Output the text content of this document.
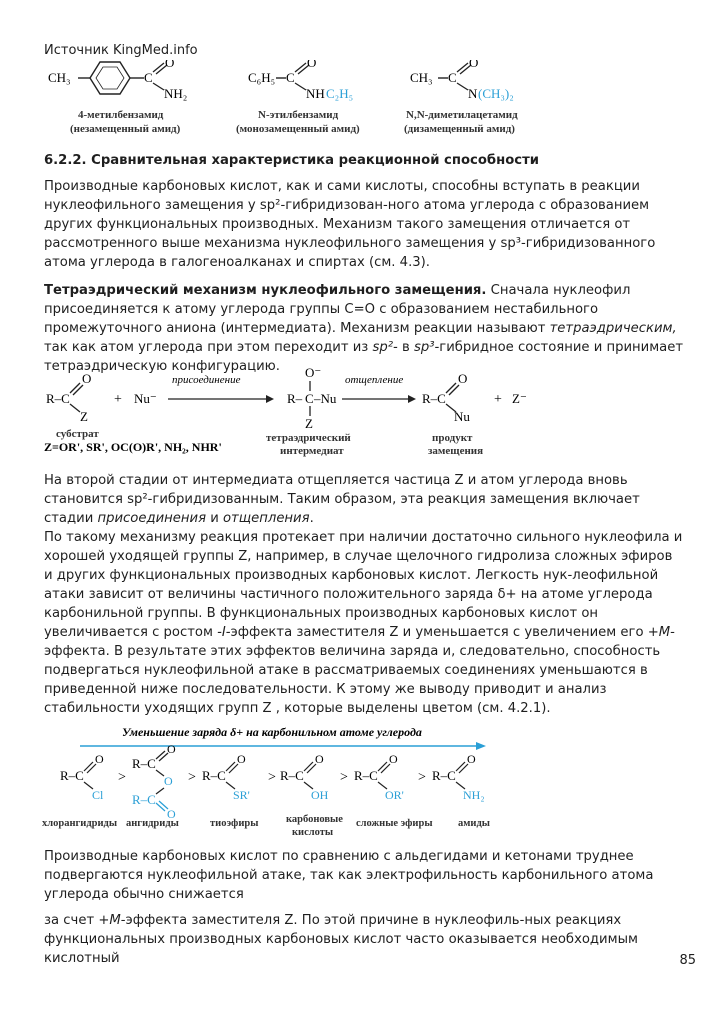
Источник KingMed.info
CH₃	C
O
NH₂
4-метилбензамид
(незамещенный амид)
C₆H₅ C
O
NH C₂H₅
N-этилбензамид
(монозамещенный амид)
CH₃ C
O
N (CH₃)₂
N,N-диметилацетамид
(дизамещенный амид)
6.2.2. Сравнительная характеристика реакционной способности

Производные карбоновых кислот, как и сами кислоты, способны вступать в реакции нуклеофильного замещения у sp²-гибридизован-ного атома углерода с образованием других функциональных производных. Механизм такого замещения отличается от рассмотренного выше механизма нуклеофильного замещения у sp³-гибридизованного атома углерода в галогеноалканах и спиртах (см. 4.3).

Тетраэдрический механизм нуклеофильного замещения. Сначала нуклеофил присоединяется к атому углерода группы C=O с образованием нестабильного промежуточного аниона (интермедиата). Механизм реакции называют тетраэдрическим, так как атом углерода при этом переходит из sp²- в sp³-гибридное состояние и принимает тетраэдрическую конфигурацию.

R–C
O
Z
субстрат
+ Nu⁻
присоединение	O⁻
R– C –Nu
Z
тетраэдрический
интермедиат
отщепление
R–C
O
Nu
продукт
замещения
+ Z⁻
Z=OR', SR', OC(O)R', NH₂, NHR'

На второй стадии от интермедиата отщепляется частица Z и атом углерода вновь становится sp²-гибридизованным. Таким образом, эта реакция замещения включает
стадии присоединения и отщепления.

По такому механизму реакция протекает при наличии достаточно сильного нуклеофила и хорошей уходящей группы Z, например, в случае щелочного гидролиза сложных эфиров и других функциональных производных карбоновых кислот. Легкость нук-леофильной атаки зависит от величины частичного положительного заряда δ+ на атоме углерода карбонильной группы. В функциональных производных карбоновых кислот он увеличивается с ростом -I-эффекта заместителя Z и уменьшается с увеличением его +M-эффекта. В результате этих эффектов величина заряда и, следовательно, способность подвергаться нуклеофильной атаке в рассматриваемых соединениях уменьшаются в приведенной ниже последовательности. К этому же выводу приводит и анализ стабильности уходящих групп Z , которые выделены цветом (см. 4.2.1).

Уменьшение заряда δ+ на карбонильном атоме углерода
R–C
O
Cl
>
R–C
O
O
R–C
O
> R–C
O
SR'
> R–C
O
OH
> R–C
O
OR'
> R–C
O
NH₂
хлорангидриды ангидриды	тиоэфиры	карбоновые
кислоты
сложные эфиры амиды

Производные карбоновых кислот по сравнению с альдегидами и кетонами труднее подвергаются нуклеофильной атаке, так как электрофильность карбонильного атома углерода обычно снижается

за счет +M-эффекта заместителя Z. По этой причине в нуклеофиль-ных реакциях функциональных производных карбоновых кислот часто оказывается необходимым кислотный	85
